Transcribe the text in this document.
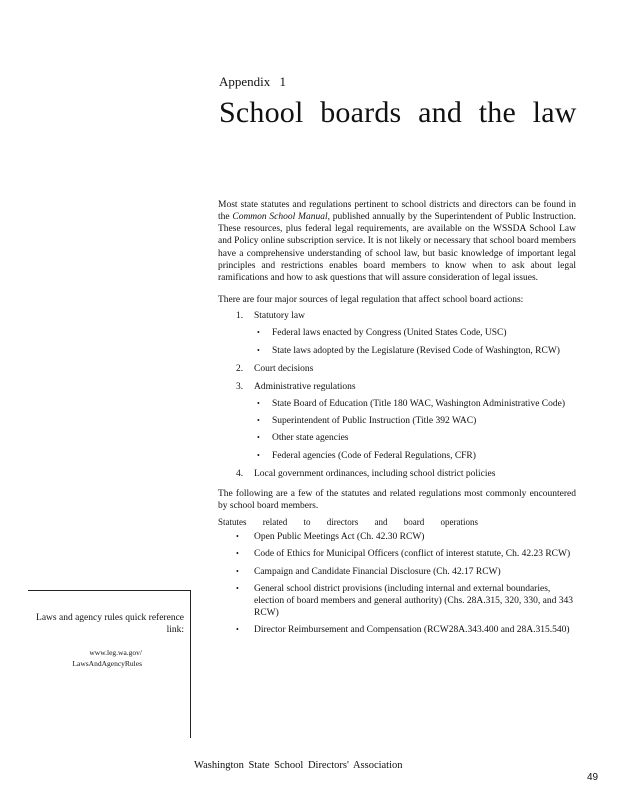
Appendix 1
School boards and the law

Most state statutes and regulations pertinent to school districts and directors can be found in the Common School Manual, published annually by the Superintendent of Public Instruction. These resources, plus federal legal requirements, are available on the WSSDA School Law and Policy online subscription service. It is not likely or necessary that school board members have a comprehensive understanding of school law, but basic knowledge of important legal principles and restrictions enables board members to know when to ask about legal ramifications and how to ask questions that will assure consideration of legal issues.

There are four major sources of legal regulation that affect school board actions:

1. Statutory law
• Federal laws enacted by Congress (United States Code, USC)
• State laws adopted by the Legislature (Revised Code of Washington, RCW)
2. Court decisions
3. Administrative regulations
• State Board of Education (Title 180 WAC, Washington Administrative Code)
• Superintendent of Public Instruction (Title 392 WAC)
• Other state agencies
• Federal agencies (Code of Federal Regulations, CFR)
4. Local government ordinances, including school district policies

The following are a few of the statutes and related regulations most commonly encountered by school board members.

Statutes related to directors and board operations
• Open Public Meetings Act (Ch. 42.30 RCW)
• Code of Ethics for Municipal Officers (conflict of interest statute, Ch. 42.23 RCW)
• Campaign and Candidate Financial Disclosure (Ch. 42.17 RCW)
• General school district provisions (including internal and external boundaries, election of board members and general authority) (Chs. 28A.315, 320, 330, and 343 RCW)
• Director Reimbursement and Compensation (RCW28A.343.400 and 28A.315.540)
Laws and agency rules quick reference link:
www.leg.wa.gov/
LawsAndAgencyRules
Washington State School Directors' Association
49
